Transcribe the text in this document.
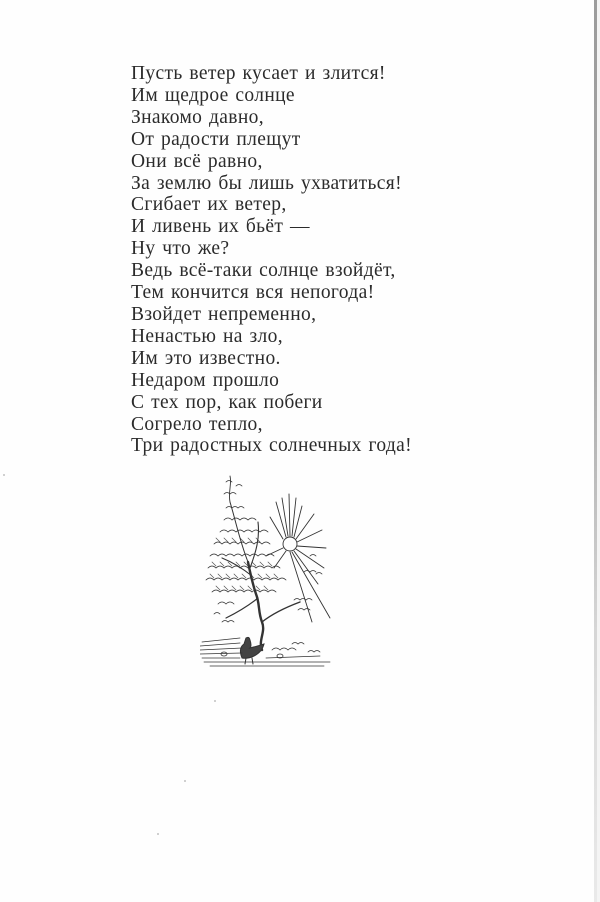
Пусть ветер кусает и злится!
Им щедрое солнце
Знакомо давно,
От радости плещут
Они всё равно,
За землю бы лишь ухватиться!
Сгибает их ветер,
И ливень их бьёт —
Ну что же?
Ведь всё-таки солнце взойдёт,
Тем кончится вся непогода!
Взойдет непременно,
Ненастью на зло,
Им это известно.
Недаром прошло
С тех пор, как побеги
Согрело тепло,
Три радостных солнечных года!
